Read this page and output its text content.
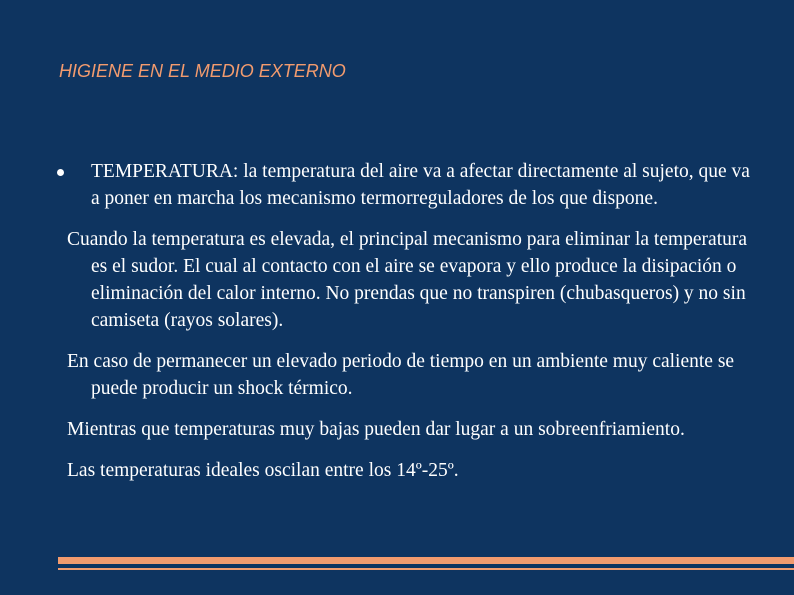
HIGIENE EN EL MEDIO EXTERNO
TEMPERATURA: la temperatura del aire va a afectar directamente al sujeto, que va a poner en marcha los mecanismo termorreguladores de los que dispone.

Cuando la temperatura es elevada, el principal mecanismo para eliminar la temperatura es el sudor. El cual al contacto con el aire se evapora y ello produce la disipación o eliminación del calor interno. No prendas que no transpiren (chubasqueros) y no sin camiseta (rayos solares).

En caso de permanecer un elevado periodo de tiempo en un ambiente muy caliente se puede producir un shock térmico.

Mientras que temperaturas muy bajas pueden dar lugar a un sobreenfriamiento.

Las temperaturas ideales oscilan entre los 14º-25º.
